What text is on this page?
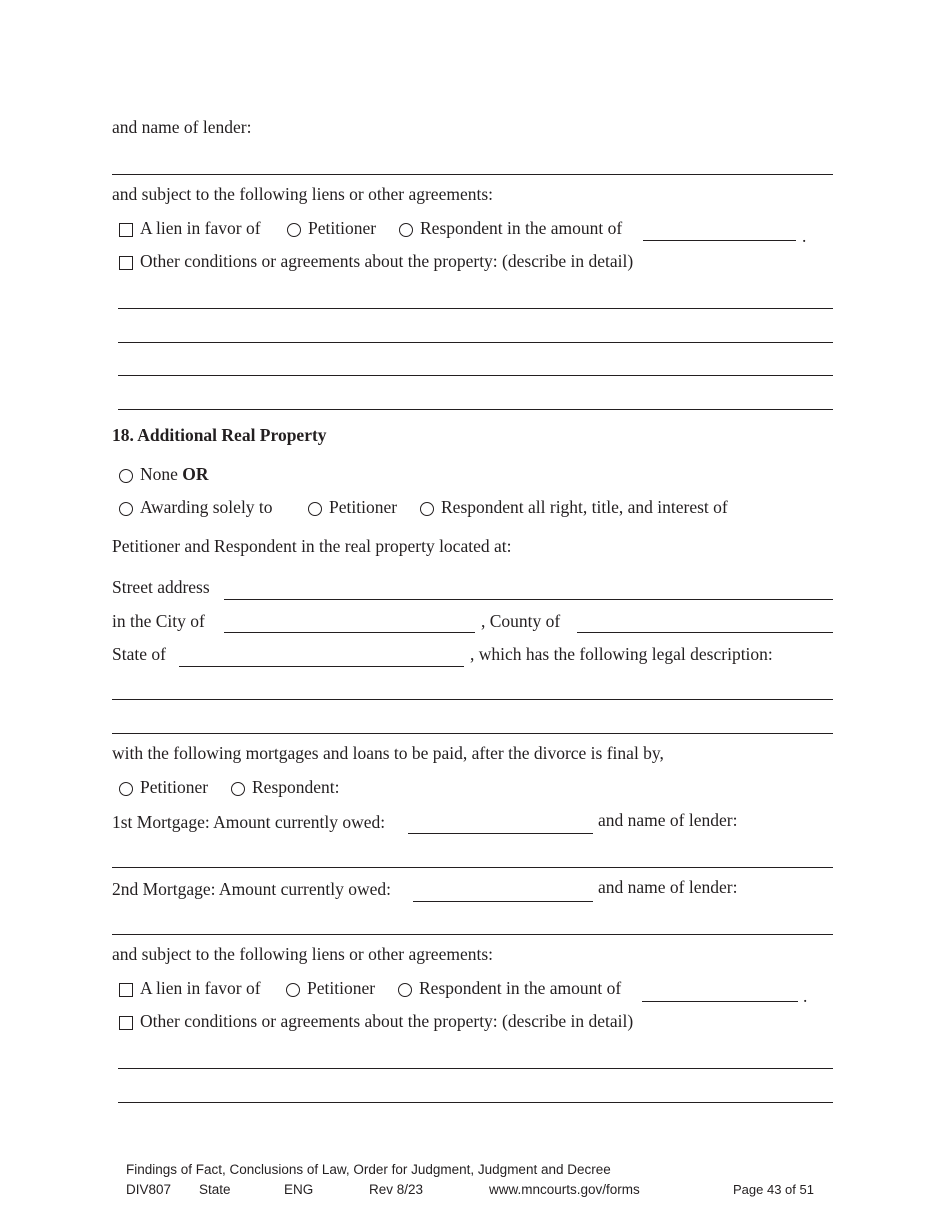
and name of lender:
and subject to the following liens or other agreements:
A lien in favor of	Petitioner	Respondent in the amount of	.
Other conditions or agreements about the property: (describe in detail)
18. Additional Real Property
None OR
Awarding solely to	Petitioner	Respondent all right, title, and interest of
Petitioner and Respondent in the real property located at:
Street address
in the City of	, County of
State of	, which has the following legal description:
with the following mortgages and loans to be paid, after the divorce is final by,
Petitioner	Respondent:
1st Mortgage: Amount currently owed:	and name of lender:
2nd Mortgage: Amount currently owed:	and name of lender:
and subject to the following liens or other agreements:
A lien in favor of	Petitioner	Respondent in the amount of	.
Other conditions or agreements about the property: (describe in detail)
Findings of Fact, Conclusions of Law, Order for Judgment, Judgment and Decree
DIV807 State	ENG	Rev 8/23	www.mncourts.gov/forms	Page 43 of 51
